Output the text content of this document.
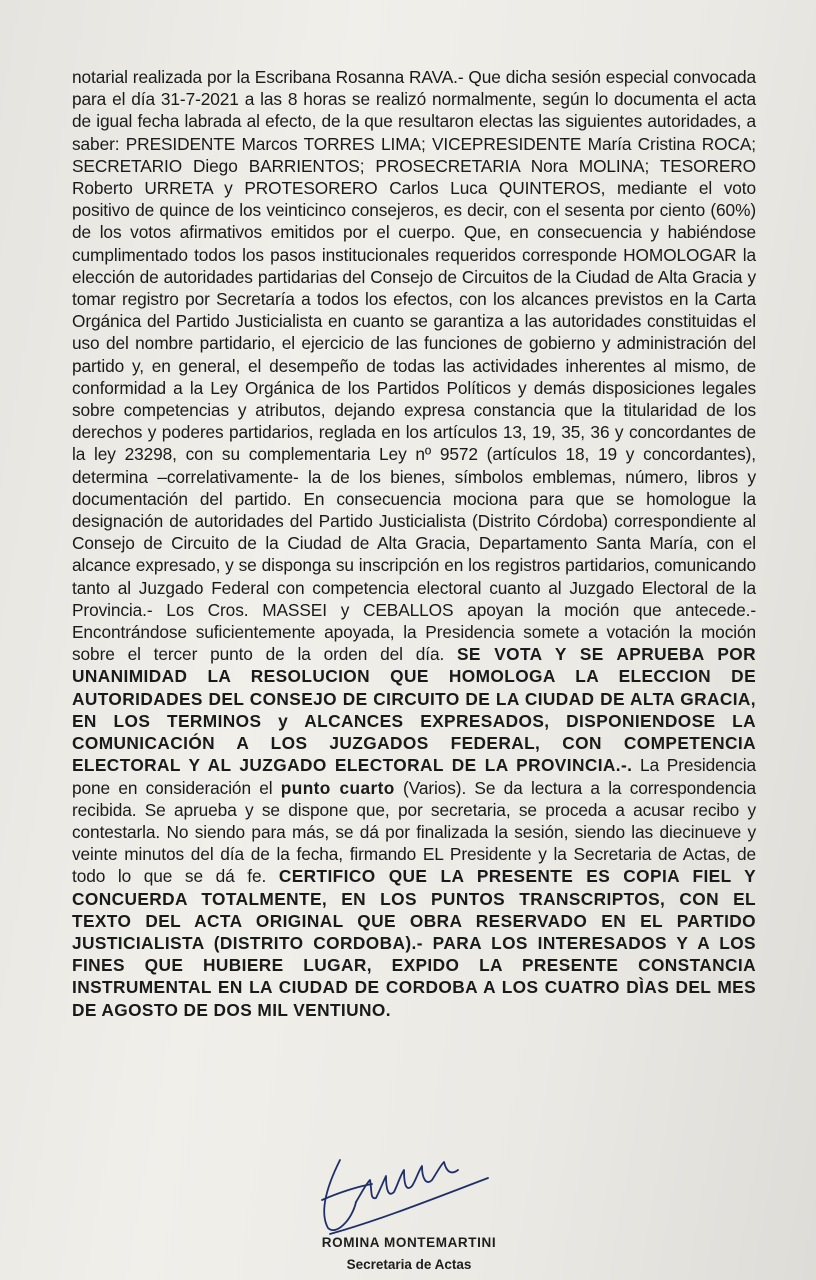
notarial realizada por la Escribana Rosanna RAVA.- Que dicha sesión especial convocada para el día 31-7-2021 a las 8 horas se realizó normalmente, según lo documenta el acta de igual fecha labrada al efecto, de la que resultaron electas las siguientes autoridades, a saber: PRESIDENTE Marcos TORRES LIMA; VICEPRESIDENTE María Cristina ROCA; SECRETARIO Diego BARRIENTOS; PROSECRETARIA Nora MOLINA; TESORERO Roberto URRETA y PROTESORERO Carlos Luca QUINTEROS, mediante el voto positivo de quince de los veinticinco consejeros, es decir, con el sesenta por ciento (60%) de los votos afirmativos emitidos por el cuerpo. Que, en consecuencia y habiéndose cumplimentado todos los pasos institucionales requeridos corresponde HOMOLOGAR la elección de autoridades partidarias del Consejo de Circuitos de la Ciudad de Alta Gracia y tomar registro por Secretaría a todos los efectos, con los alcances previstos en la Carta Orgánica del Partido Justicialista en cuanto se garantiza a las autoridades constituidas el uso del nombre partidario, el ejercicio de las funciones de gobierno y administración del partido y, en general, el desempeño de todas las actividades inherentes al mismo, de conformidad a la Ley Orgánica de los Partidos Políticos y demás disposiciones legales sobre competencias y atributos, dejando expresa constancia que la titularidad de los derechos y poderes partidarios, reglada en los artículos 13, 19, 35, 36 y concordantes de la ley 23298, con su complementaria Ley nº 9572 (artículos 18, 19 y concordantes), determina –correlativamente- la de los bienes, símbolos emblemas, número, libros y documentación del partido. En consecuencia mociona para que se homologue la designación de autoridades del Partido Justicialista (Distrito Córdoba) correspondiente al Consejo de Circuito de la Ciudad de Alta Gracia, Departamento Santa María, con el alcance expresado, y se disponga su inscripción en los registros partidarios, comunicando tanto al Juzgado Federal con competencia electoral cuanto al Juzgado Electoral de la Provincia.- Los Cros. MASSEI y CEBALLOS apoyan la moción que antecede.- Encontrándose suficientemente apoyada, la Presidencia somete a votación la moción sobre el tercer punto de la orden del día. SE VOTA Y SE APRUEBA POR UNANIMIDAD LA RESOLUCION QUE HOMOLOGA LA ELECCION DE AUTORIDADES DEL CONSEJO DE CIRCUITO DE LA CIUDAD DE ALTA GRACIA, EN LOS TERMINOS y ALCANCES EXPRESADOS, DISPONIENDOSE LA COMUNICACIÓN A LOS JUZGADOS FEDERAL, CON COMPETENCIA ELECTORAL Y AL JUZGADO ELECTORAL DE LA PROVINCIA.-. La Presidencia pone en consideración el punto cuarto (Varios). Se da lectura a la correspondencia recibida. Se aprueba y se dispone que, por secretaria, se proceda a acusar recibo y contestarla. No siendo para más, se dá por finalizada la sesión, siendo las diecinueve y veinte minutos del día de la fecha, firmando EL Presidente y la Secretaria de Actas, de todo lo que se dá fe. CERTIFICO QUE LA PRESENTE ES COPIA FIEL Y CONCUERDA TOTALMENTE, EN LOS PUNTOS TRANSCRIPTOS, CON EL TEXTO DEL ACTA ORIGINAL QUE OBRA RESERVADO EN EL PARTIDO JUSTICIALISTA (DISTRITO CORDOBA).- PARA LOS INTERESADOS Y A LOS FINES QUE HUBIERE LUGAR, EXPIDO LA PRESENTE CONSTANCIA INSTRUMENTAL EN LA CIUDAD DE CORDOBA A LOS CUATRO DÌAS DEL MES DE AGOSTO DE DOS MIL VENTIUNO.
ROMINA MONTEMARTINI
Secretaria de Actas
